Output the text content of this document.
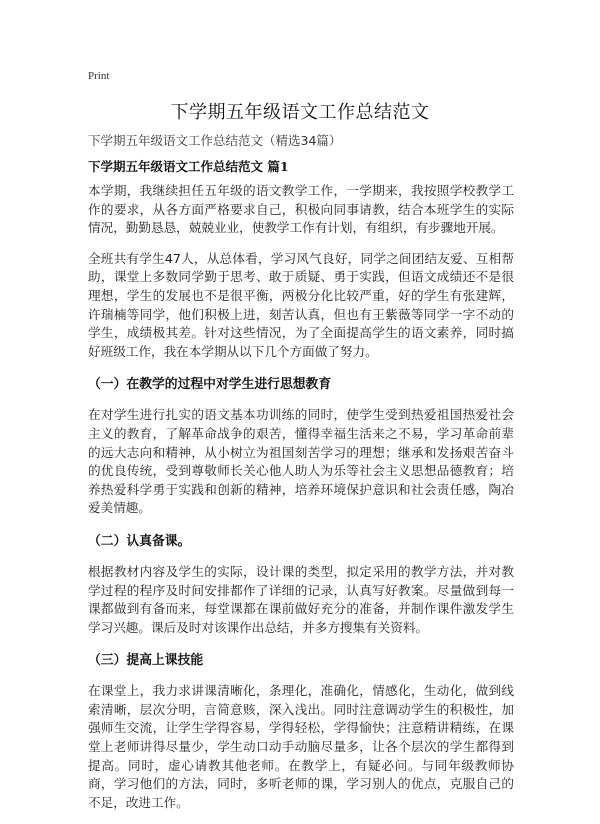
Print
下学期五年级语文工作总结范文

下学期五年级语文工作总结范文（精选34篇）

下学期五年级语文工作总结范文 篇1

本学期，我继续担任五年级的语文教学工作，一学期来，我按照学校教学工作的要求，从各方面严格要求自己，积极向同事请教，结合本班学生的实际情况，勤勤恳恳，兢兢业业，使教学工作有计划，有组织，有步骤地开展。

全班共有学生47人，从总体看，学习风气良好，同学之间团结友爱、互相帮助，课堂上多数同学勤于思考、敢于质疑、勇于实践，但语文成绩还不是很理想，学生的发展也不是很平衡，两极分化比较严重，好的学生有张建辉，许瑞楠等同学，他们积极上进，刻苦认真，但也有王紫薇等同学一字不动的学生，成绩极其差。针对这些情况，为了全面提高学生的语文素养，同时搞好班级工作，我在本学期从以下几个方面做了努力。

（一）在教学的过程中对学生进行思想教育

在对学生进行扎实的语文基本功训练的同时，使学生受到热爱祖国热爱社会主义的教育，了解革命战争的艰苦，懂得幸福生活来之不易，学习革命前辈的远大志向和精神，从小树立为祖国刻苦学习的理想；继承和发扬艰苦奋斗的优良传统，受到尊敬师长关心他人助人为乐等社会主义思想品德教育；培养热爱科学勇于实践和创新的精神，培养环境保护意识和社会责任感，陶冶爱美情趣。

（二）认真备课。

根据教材内容及学生的实际，设计课的类型，拟定采用的教学方法，并对教学过程的程序及时间安排都作了详细的记录，认真写好教案。尽量做到每一课都做到有备而来，每堂课都在课前做好充分的准备，并制作课件激发学生学习兴趣。课后及时对该课作出总结，并多方搜集有关资料。

（三）提高上课技能

在课堂上，我力求讲课清晰化，条理化，准确化，情感化，生动化，做到线索清晰，层次分明，言简意赅，深入浅出。同时注意调动学生的积极性，加强师生交流，让学生学得容易，学得轻松，学得愉快；注意精讲精练，在课堂上老师讲得尽量少，学生动口动手动脑尽量多，让各个层次的学生都得到提高。同时，虚心请教其他老师。在教学上，有疑必问。与同年级教师协商，学习他们的方法，同时，多听老师的课，学习别人的优点，克服自己的不足，改进工作。
